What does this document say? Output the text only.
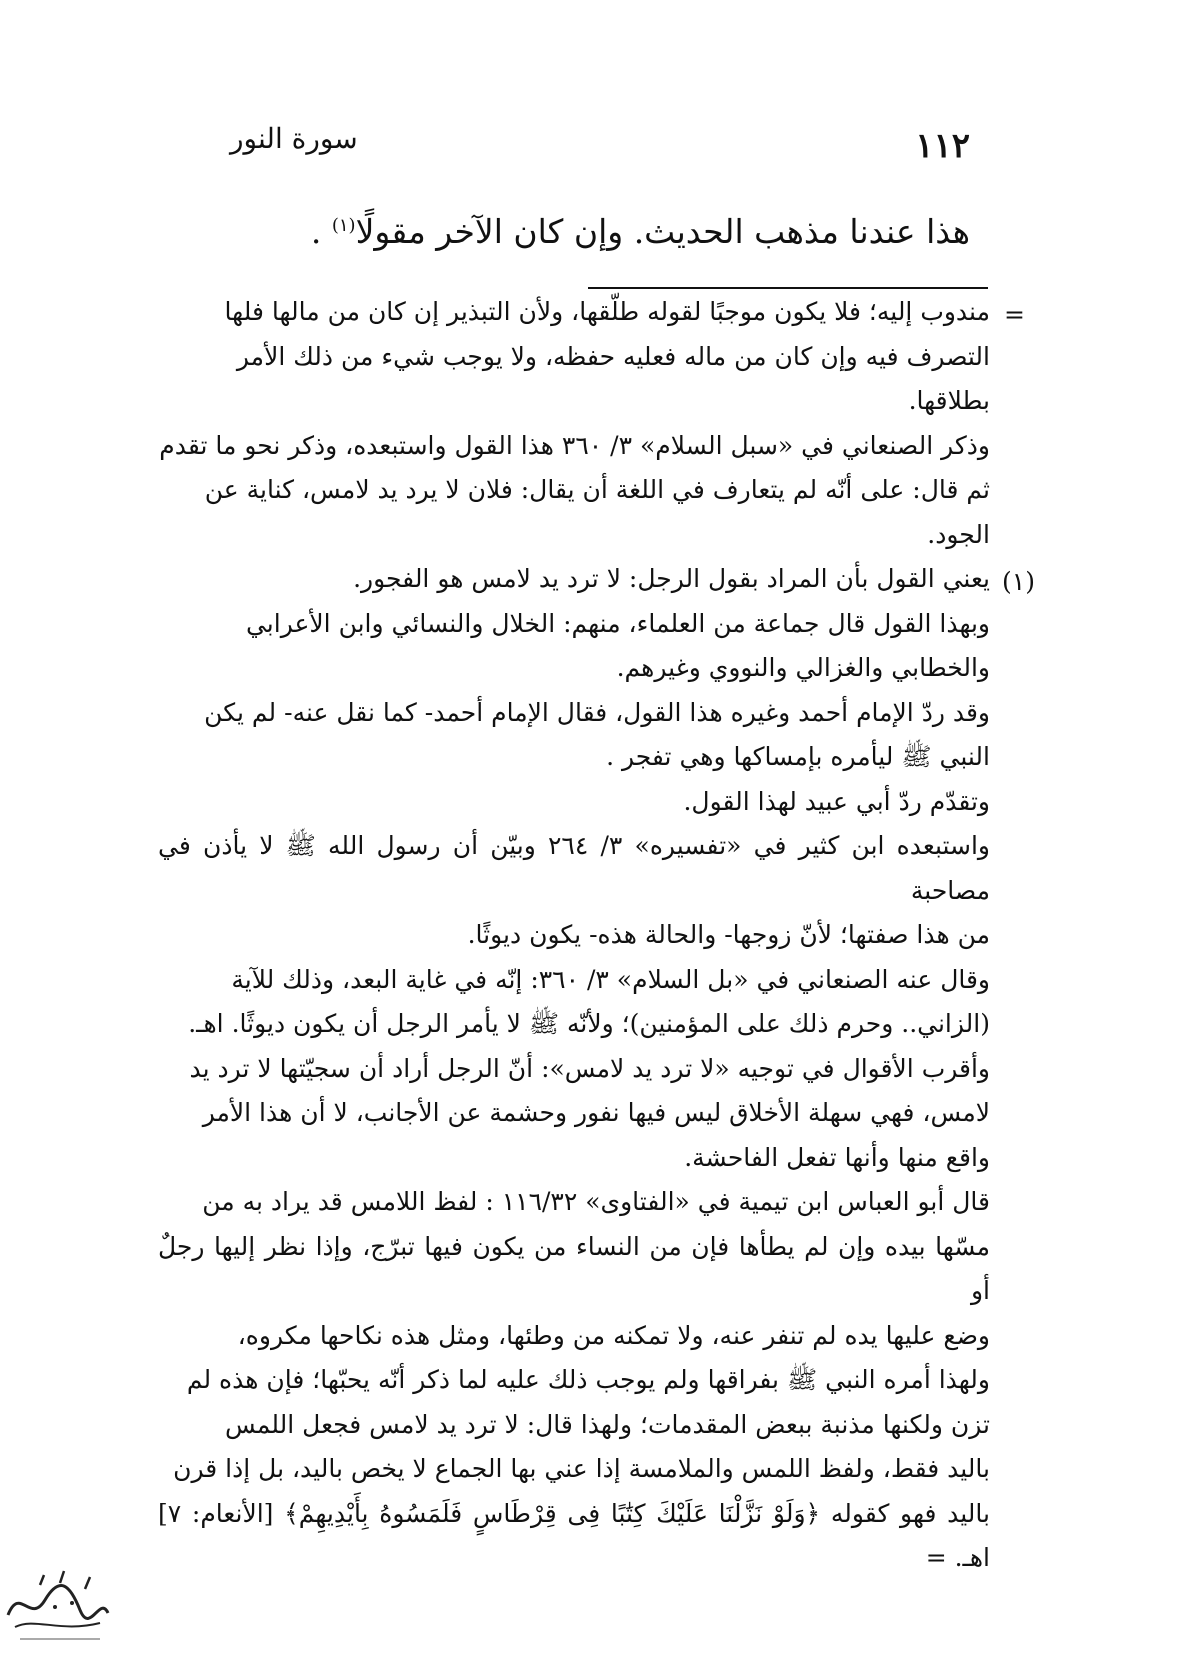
١١٢
سورة النور
هذا عندنا مذهب الحديث. وإن كان الآخر مقولًا$^{(١)}$ .
=
(١)

مندوب إليه؛ فلا يكون موجبًا لقوله طلّقها، ولأن التبذير إن كان من مالها فلها

التصرف فيه وإن كان من ماله فعليه حفظه، ولا يوجب شيء من ذلك الأمر

بطلاقها.

وذكر الصنعاني في «سبل السلام» ٣/ ٣٦٠ هذا القول واستبعده، وذكر نحو ما تقدم

ثم قال: على أنّه لم يتعارف في اللغة أن يقال: فلان لا يرد يد لامس، كناية عن

الجود.

يعني القول بأن المراد بقول الرجل: لا ترد يد لامس هو الفجور.

وبهذا القول قال جماعة من العلماء، منهم: الخلال والنسائي وابن الأعرابي

والخطابي والغزالي والنووي وغيرهم.

وقد ردّ الإمام أحمد وغيره هذا القول، فقال الإمام أحمد- كما نقل عنه- لم يكن

النبي ﷺ ليأمره بإمساكها وهي تفجر .

وتقدّم ردّ أبي عبيد لهذا القول.

واستبعده ابن كثير في «تفسيره» ٣/ ٢٦٤ وبيّن أن رسول الله ﷺ لا يأذن في مصاحبة

من هذا صفتها؛ لأنّ زوجها- والحالة هذه- يكون ديوثًا.

وقال عنه الصنعاني في «بل السلام» ٣/ ٣٦٠: إنّه في غاية البعد، وذلك للآية

(الزاني.. وحرم ذلك على المؤمنين)؛ ولأنّه ﷺ لا يأمر الرجل أن يكون ديوثًا. اهـ.

وأقرب الأقوال في توجيه «لا ترد يد لامس»: أنّ الرجل أراد أن سجيّتها لا ترد يد

لامس، فهي سهلة الأخلاق ليس فيها نفور وحشمة عن الأجانب، لا أن هذا الأمر

واقع منها وأنها تفعل الفاحشة.

قال أبو العباس ابن تيمية في «الفتاوى» ١١٦/٣٢ : لفظ اللامس قد يراد به من

مسّها بيده وإن لم يطأها فإن من النساء من يكون فيها تبرّج، وإذا نظر إليها رجلٌ أو

وضع عليها يده لم تنفر عنه، ولا تمكنه من وطئها، ومثل هذه نكاحها مكروه،

ولهذا أمره النبي ﷺ بفراقها ولم يوجب ذلك عليه لما ذكر أنّه يحبّها؛ فإن هذه لم

تزن ولكنها مذنبة ببعض المقدمات؛ ولهذا قال: لا ترد يد لامس فجعل اللمس

باليد فقط، ولفظ اللمس والملامسة إذا عني بها الجماع لا يخص باليد، بل إذا قرن

باليد فهو كقوله ﴿وَلَوْ نَزَّلْنَا عَلَيْكَ كِتَٰبًا فِى قِرْطَاسٍ فَلَمَسُوهُ بِأَيْدِيهِمْ﴾ [الأنعام: ٧] اهـ. =
